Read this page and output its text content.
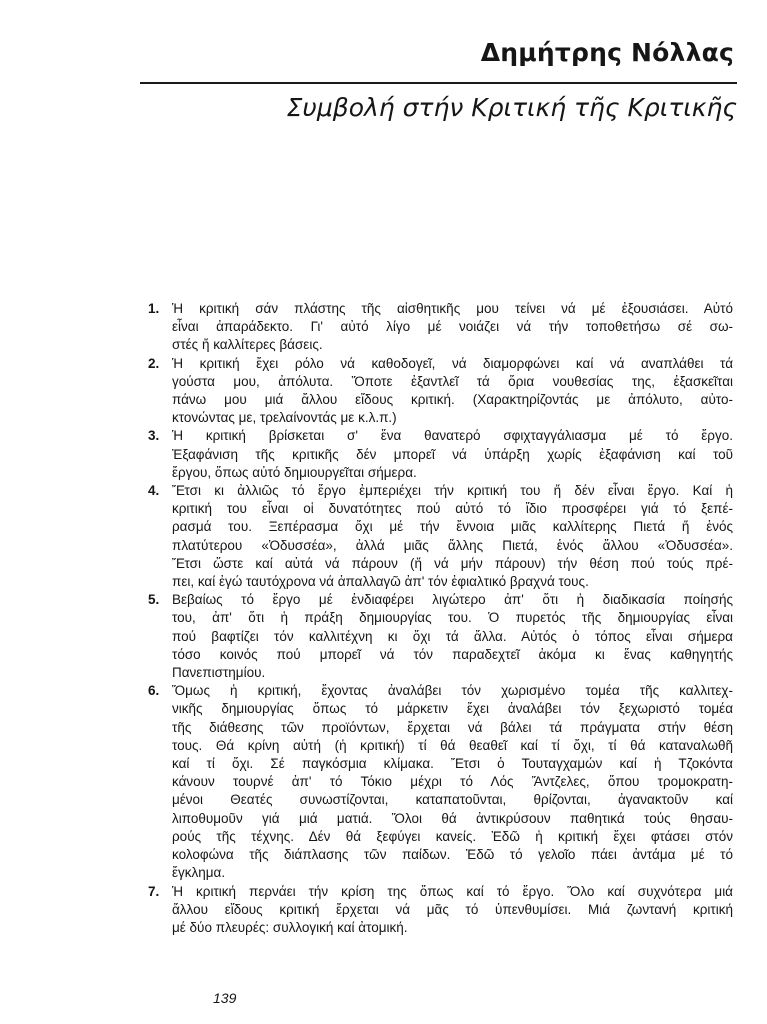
Δημήτρης Νόλλας
Συμβολή στήν Κριτική τῆς Κριτικῆς
1. Ἡ κριτική σάν πλάστης τῆς αἰσθητικῆς μου τείνει νά μέ ἐξουσιάσει. Αὐτό
εἶναι ἀπαράδεκτο. Γι' αὐτό λίγο μέ νοιάζει νά τήν τοποθετήσω σέ σω-
στές ἤ καλλίτερες βάσεις.
2. Ἡ κριτική ἔχει ρόλο νά καθοδογεῖ, νά διαμορφώνει καί νά αναπλάθει τά
γούστα μου, ἀπόλυτα. Ὅποτε ἐξαντλεῖ τά ὅρια νουθεσίας της, ἐξασκεῖται
πάνω μου μιά ἄλλου εἴδους κριτική. (Χαρακτηρίζοντάς με ἀπόλυτο, αὐτο-
κτονώντας με, τρελαίνοντάς με κ.λ.π.)
3. Ἡ κριτική βρίσκεται σ' ἕνα θανατερό σφιχταγγάλιασμα μέ τό ἔργο.
Ἐξαφάνιση τῆς κριτικῆς δέν μπορεῖ νά ὑπάρξη χωρίς ἐξαφάνιση καί τοῦ
ἔργου, ὅπως αὐτό δημιουργεῖται σήμερα.
4. Ἔτσι κι ἀλλιῶς τό ἔργο ἐμπεριέχει τήν κριτική του ἤ δέν εἶναι ἔργο. Καί ἡ
κριτική του εἶναι οἱ δυνατότητες πού αὐτό τό ἴδιο προσφέρει γιά τό ξεπέ-
ρασμά του. Ξεπέρασμα ὄχι μέ τήν ἔννοια μιᾶς καλλίτερης Πιετά ἤ ἑνός
πλατύτερου «Ὀδυσσέα», ἀλλά μιᾶς ἄλλης Πιετά, ἑνός ἄλλου «Ὀδυσσέα».
Ἔτσι ὥστε καί αὐτά νά πάρουν (ἤ νά μήν πάρουν) τήν θέση πού τούς πρέ-
πει, καί ἐγώ ταυτόχρονα νά ἀπαλλαγῶ ἀπ' τόν ἐφιαλτικό βραχνά τους.
5. Βεβαίως τό ἔργο μέ ἐνδιαφέρει λιγώτερο ἀπ' ὅτι ἡ διαδικασία ποίησής
του, ἀπ' ὅτι ἡ πράξη δημιουργίας του. Ὁ πυρετός τῆς δημιουργίας εἶναι
πού βαφτίζει τόν καλλιτέχνη κι ὄχι τά ἄλλα. Αὐτός ὁ τόπος εἶναι σήμερα
τόσο κοινός πού μπορεῖ νά τόν παραδεχτεῖ ἀκόμα κι ἕνας καθηγητής
Πανεπιστημίου.
6. Ὅμως ἡ κριτική, ἔχοντας ἀναλάβει τόν χωρισμένο τομέα τῆς καλλιτεχ-
νικῆς δημιουργίας ὅπως τό μάρκετιν ἔχει ἀναλάβει τόν ξεχωριστό τομέα
τῆς διάθεσης τῶν προϊόντων, ἔρχεται νά βάλει τά πράγματα στήν θέση
τους. Θά κρίνη αὐτή (ἡ κριτική) τί θά θεαθεῖ καί τί ὄχι, τί θά καταναλωθῆ
καί τί ὄχι. Σέ παγκόσμια κλίμακα. Ἔτσι ὁ Τουταγχαμών καί ἡ Τζοκόντα
κάνουν τουρνέ ἀπ' τό Τόκιο μέχρι τό Λός Ἄντζελες, ὅπου τρομοκρατη-
μένοι Θεατές συνωστίζονται, καταπατοῦνται, θρίζονται, ἀγανακτοῦν καί
λιποθυμοῦν γιά μιά ματιά. Ὅλοι θά ἀντικρύσουν παθητικά τούς θησαυ-
ρούς τῆς τέχνης. Δέν θά ξεφύγει κανείς. Ἐδῶ ἡ κριτική ἔχει φτάσει στόν
κολοφώνα τῆς διάπλασης τῶν παίδων. Ἐδῶ τό γελοῖο πάει ἀντάμα μέ τό
ἔγκλημα.
7. Ἡ κριτική περνάει τήν κρίση της ὅπως καί τό ἔργο. Ὅλο καί συχνότερα μιά
ἄλλου εἴδους κριτική ἔρχεται νά μᾶς τό ὑπενθυμίσει. Μιά ζωντανή κριτική
μέ δύο πλευρές: συλλογική καί ἀτομική.
139
